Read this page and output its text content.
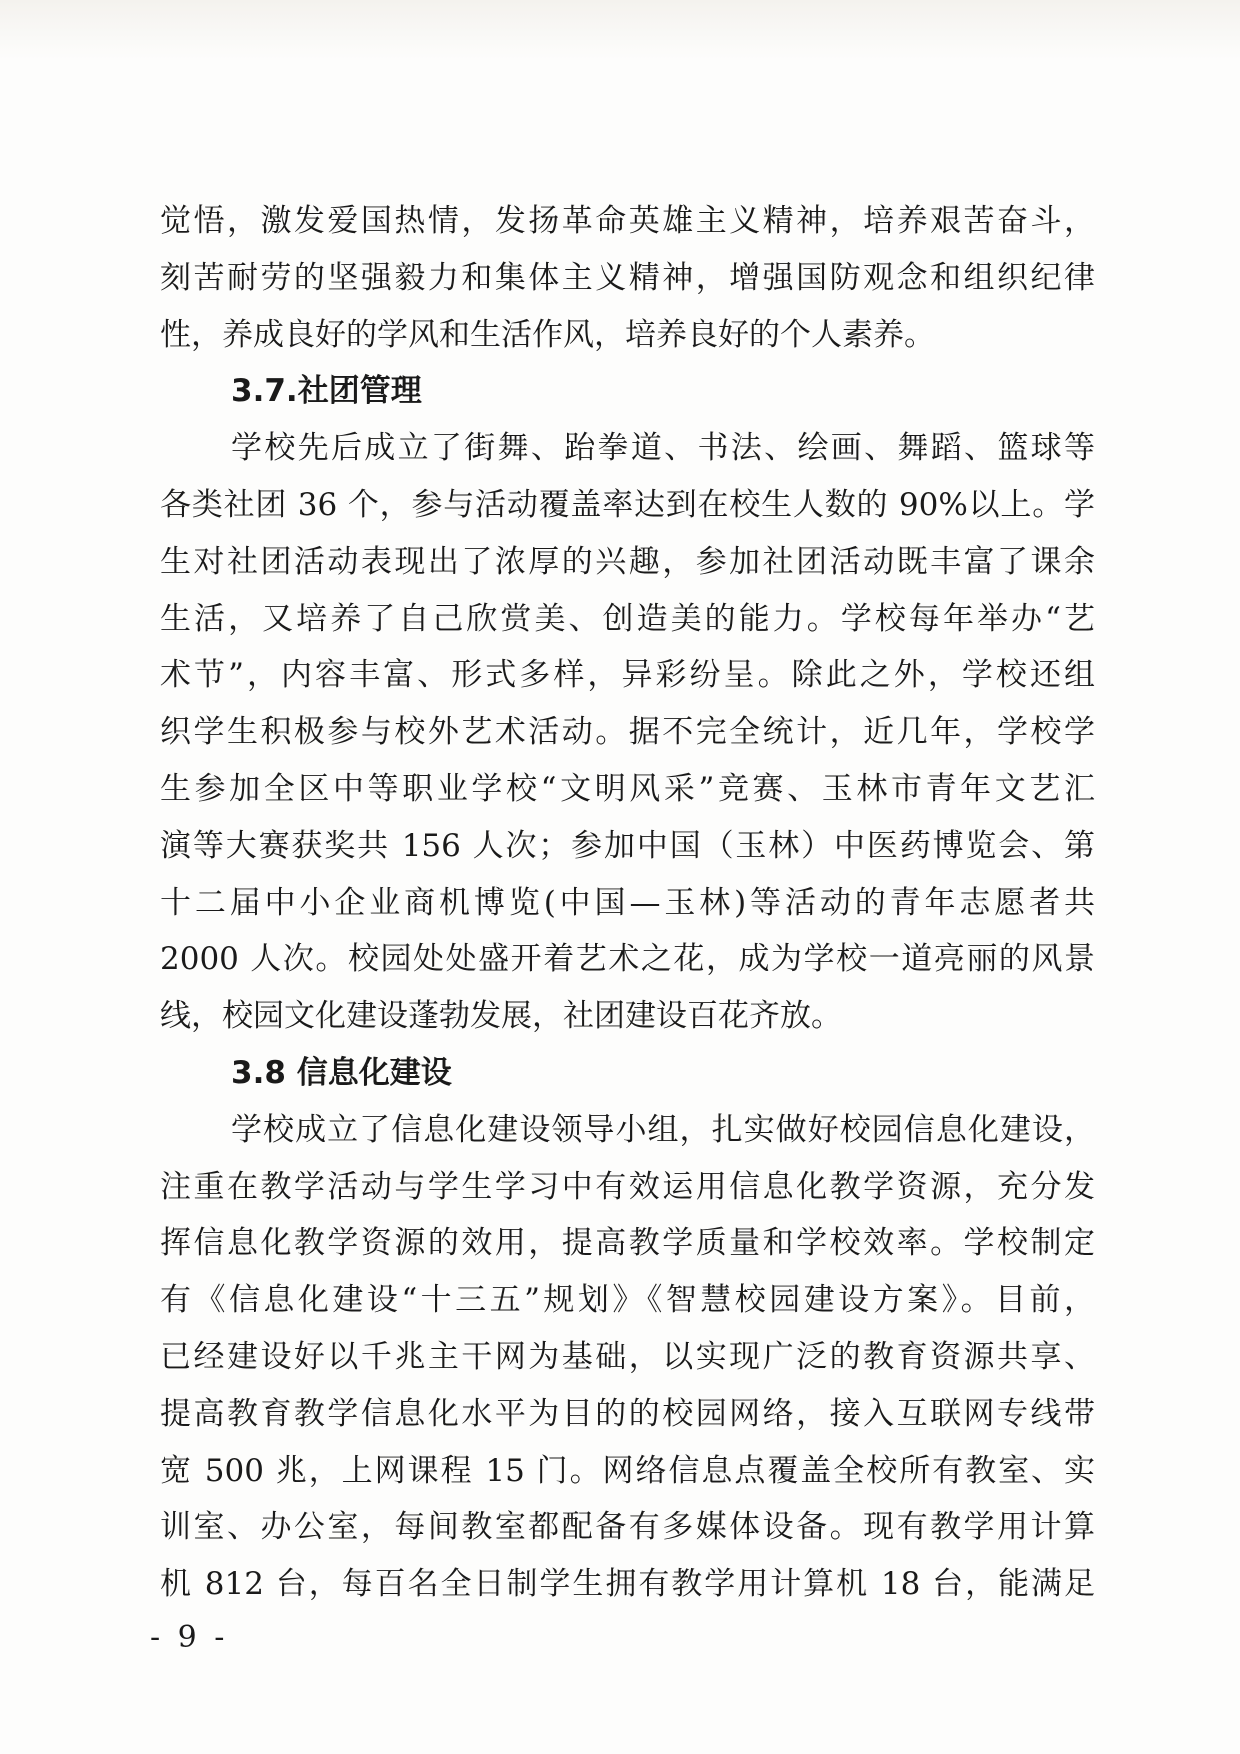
觉悟，激发爱国热情，发扬革命英雄主义精神，培养艰苦奋斗，
刻苦耐劳的坚强毅力和集体主义精神，增强国防观念和组织纪律
性，养成良好的学风和生活作风，培养良好的个人素养。
3.7.社团管理
学校先后成立了街舞、跆拳道、书法、绘画、舞蹈、篮球等
各类社团 36 个，参与活动覆盖率达到在校生人数的 90%以上。学
生对社团活动表现出了浓厚的兴趣，参加社团活动既丰富了课余
生活，又培养了自己欣赏美、创造美的能力。学校每年举办“艺
术节”，内容丰富、形式多样，异彩纷呈。除此之外，学校还组
织学生积极参与校外艺术活动。据不完全统计，近几年，学校学
生参加全区中等职业学校“文明风采”竞赛、玉林市青年文艺汇
演等大赛获奖共 156 人次；参加中国（玉林）中医药博览会、第
十二届中小企业商机博览(中国—玉林)等活动的青年志愿者共
2000 人次。校园处处盛开着艺术之花，成为学校一道亮丽的风景
线，校园文化建设蓬勃发展，社团建设百花齐放。
3.8 信息化建设
学校成立了信息化建设领导小组，扎实做好校园信息化建设，
注重在教学活动与学生学习中有效运用信息化教学资源，充分发
挥信息化教学资源的效用，提高教学质量和学校效率。学校制定
有《信息化建设“十三五”规划》《智慧校园建设方案》。目前，
已经建设好以千兆主干网为基础，以实现广泛的教育资源共享、
提高教育教学信息化水平为目的的校园网络，接入互联网专线带
宽 500 兆，上网课程 15 门。网络信息点覆盖全校所有教室、实
训室、办公室，每间教室都配备有多媒体设备。现有教学用计算
机 812 台，每百名全日制学生拥有教学用计算机 18 台，能满足
- 9 -
